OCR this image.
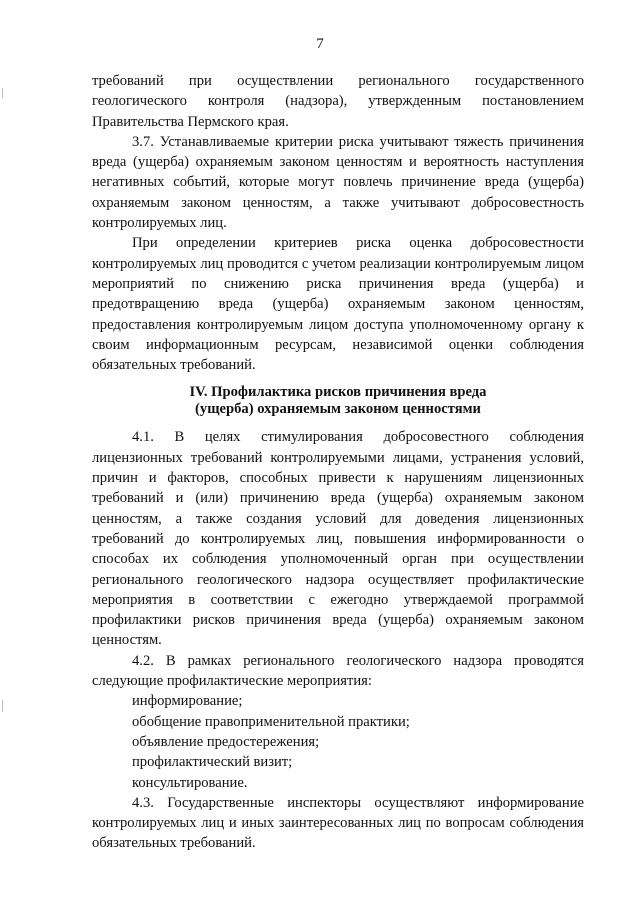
7

требований при осуществлении регионального государственного геологического контроля (надзора), утвержденным постановлением Правительства Пермского края.

3.7. Устанавливаемые критерии риска учитывают тяжесть причинения вреда (ущерба) охраняемым законом ценностям и вероятность наступления негативных событий, которые могут повлечь причинение вреда (ущерба) охраняемым законом ценностям, а также учитывают добросовестность контролируемых лиц.

При определении критериев риска оценка добросовестности контролируемых лиц проводится с учетом реализации контролируемым лицом мероприятий по снижению риска причинения вреда (ущерба) и предотвращению вреда (ущерба) охраняемым законом ценностям, предоставления контролируемым лицом доступа уполномоченному органу к своим информационным ресурсам, независимой оценки соблюдения обязательных требований.

IV. Профилактика рисков причинения вреда
(ущерба) охраняемым законом ценностями

4.1. В целях стимулирования добросовестного соблюдения лицензионных требований контролируемыми лицами, устранения условий, причин и факторов, способных привести к нарушениям лицензионных требований и (или) причинению вреда (ущерба) охраняемым законом ценностям, а также создания условий для доведения лицензионных требований до контролируемых лиц, повышения информированности о способах их соблюдения уполномоченный орган при осуществлении регионального геологического надзора осуществляет профилактические мероприятия в соответствии с ежегодно утверждаемой программой профилактики рисков причинения вреда (ущерба) охраняемым законом ценностям.

4.2. В рамках регионального геологического надзора проводятся следующие профилактические мероприятия:

информирование;
обобщение правоприменительной практики;
объявление предостережения;
профилактический визит;
консультирование.

4.3. Государственные инспекторы осуществляют информирование контролируемых лиц и иных заинтересованных лиц по вопросам соблюдения обязательных требований.
